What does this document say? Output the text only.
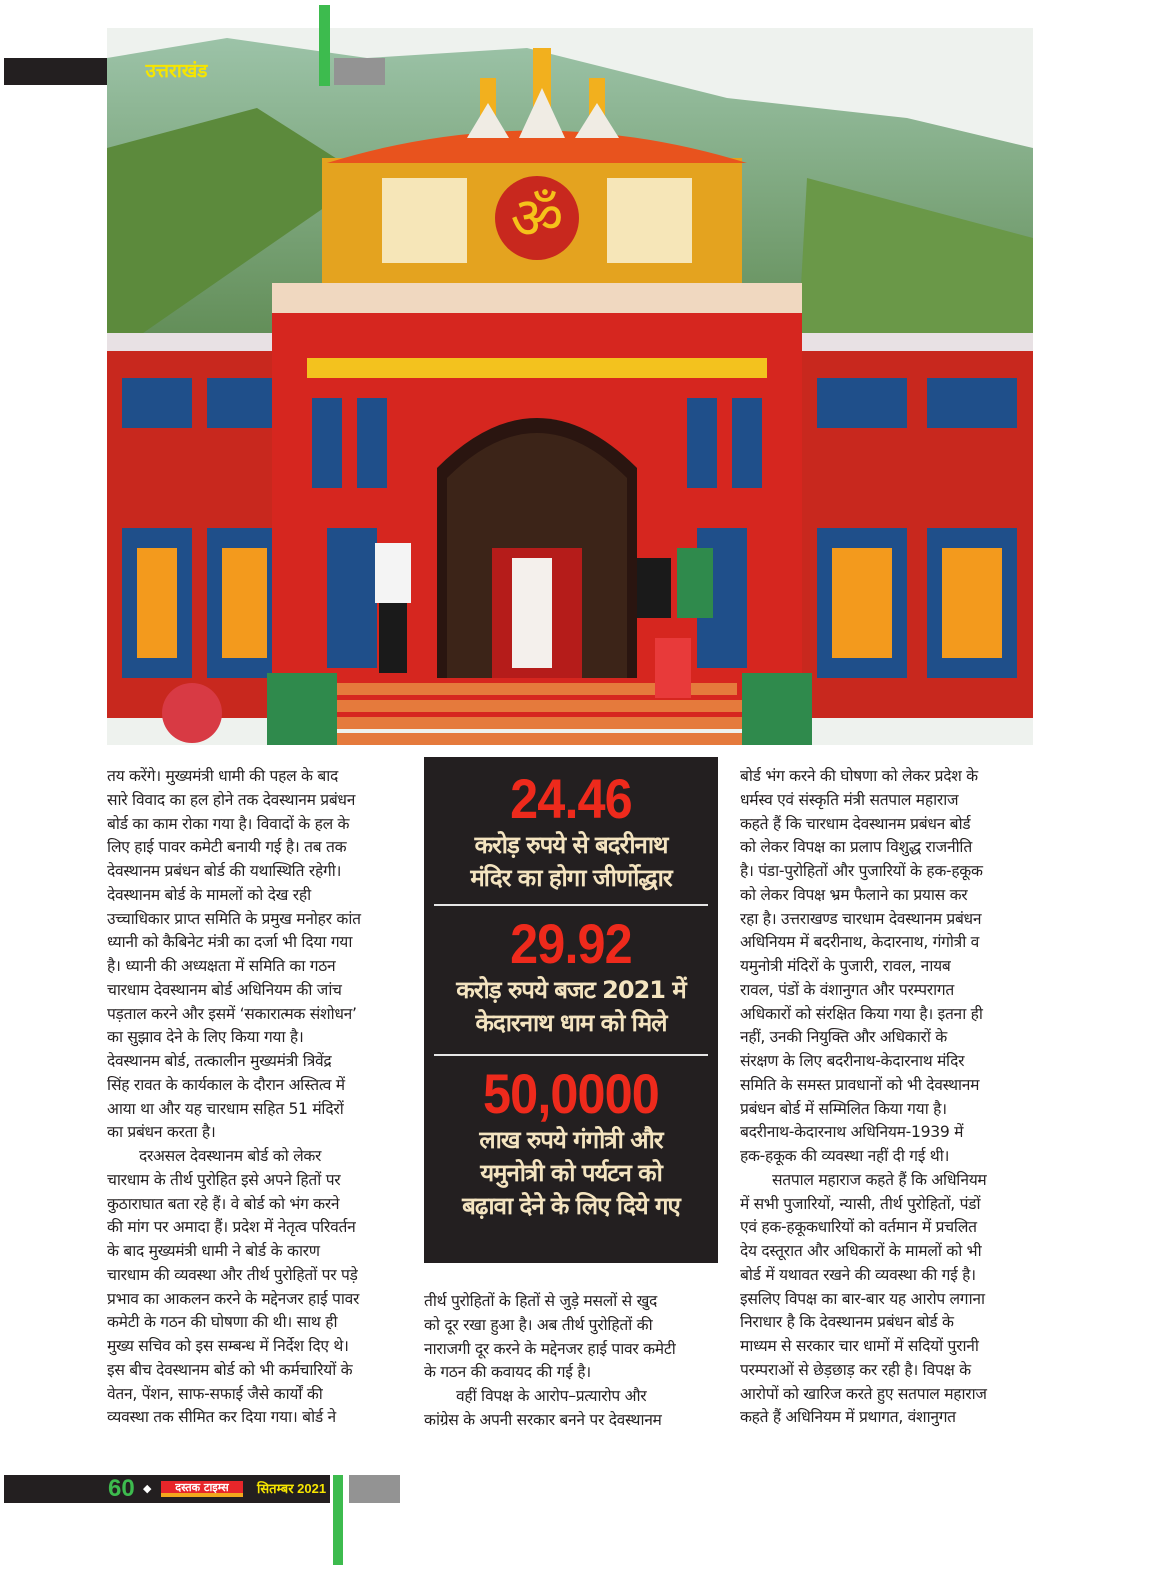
ॐ
उत्तराखंड
तय करेंगे। मुख्यमंत्री धामी की पहल के बाद
सारे विवाद का हल होने तक देवस्थानम प्रबंधन
बोर्ड का काम रोका गया है। विवादों के हल के
लिए हाई पावर कमेटी बनायी गई है। तब तक
देवस्थानम प्रबंधन बोर्ड की यथास्थिति रहेगी।
देवस्थानम बोर्ड के मामलों को देख रही
उच्चाधिकार प्राप्त समिति के प्रमुख मनोहर कांत
ध्यानी को कैबिनेट मंत्री का दर्जा भी दिया गया
है। ध्यानी की अध्यक्षता में समिति का गठन
चारधाम देवस्थानम बोर्ड अधिनियम की जांच
पड़ताल करने और इसमें ‘सकारात्मक संशोधन’
का सुझाव देने के लिए किया गया है।
देवस्थानम बोर्ड, तत्कालीन मुख्यमंत्री त्रिवेंद्र
सिंह रावत के कार्यकाल के दौरान अस्तित्व में
आया था और यह चारधाम सहित 51 मंदिरों
का प्रबंधन करता है।
दरअसल देवस्थानम बोर्ड को लेकर
चारधाम के तीर्थ पुरोहित इसे अपने हितों पर
कुठाराघात बता रहे हैं। वे बोर्ड को भंग करने
की मांग पर अमादा हैं। प्रदेश में नेतृत्व परिवर्तन
के बाद मुख्यमंत्री धामी ने बोर्ड के कारण
चारधाम की व्यवस्था और तीर्थ पुरोहितों पर पड़े
प्रभाव का आकलन करने के मद्देनजर हाई पावर
कमेटी के गठन की घोषणा की थी। साथ ही
मुख्य सचिव को इस सम्बन्ध में निर्देश दिए थे।
इस बीच देवस्थानम बोर्ड को भी कर्मचारियों के
वेतन, पेंशन, साफ-सफाई जैसे कार्यों की
व्यवस्था तक सीमित कर दिया गया। बोर्ड ने
24.46
करोड़ रुपये से बदरीनाथ
मंदिर का होगा जीर्णोद्धार
29.92
करोड़ रुपये बजट 2021 में
केदारनाथ धाम को मिले
50,0000
लाख रुपये गंगोत्री और
यमुनोत्री को पर्यटन को
बढ़ावा देने के लिए दिये गए
तीर्थ पुरोहितों के हितों से जुड़े मसलों से खुद
को दूर रखा हुआ है। अब तीर्थ पुरोहितों की
नाराजगी दूर करने के मद्देनजर हाई पावर कमेटी
के गठन की कवायद की गई है।
वहीं विपक्ष के आरोप–प्रत्यारोप और
कांग्रेस के अपनी सरकार बनने पर देवस्थानम
बोर्ड भंग करने की घोषणा को लेकर प्रदेश के
धर्मस्व एवं संस्कृति मंत्री सतपाल महाराज
कहते हैं कि चारधाम देवस्थानम प्रबंधन बोर्ड
को लेकर विपक्ष का प्रलाप विशुद्ध राजनीति
है। पंडा-पुरोहितों और पुजारियों के हक-हकूक
को लेकर विपक्ष भ्रम फैलाने का प्रयास कर
रहा है। उत्तराखण्ड चारधाम देवस्थानम प्रबंधन
अधिनियम में बदरीनाथ, केदारनाथ, गंगोत्री व
यमुनोत्री मंदिरों के पुजारी, रावल, नायब
रावल, पंडों के वंशानुगत और परम्परागत
अधिकारों को संरक्षित किया गया है। इतना ही
नहीं, उनकी नियुक्ति और अधिकारों के
संरक्षण के लिए बदरीनाथ-केदारनाथ मंदिर
समिति के समस्त प्रावधानों को भी देवस्थानम
प्रबंधन बोर्ड में सम्मिलित किया गया है।
बदरीनाथ-केदारनाथ अधिनियम-1939 में
हक-हकूक की व्यवस्था नहीं दी गई थी।
सतपाल महाराज कहते हैं कि अधिनियम
में सभी पुजारियों, न्यासी, तीर्थ पुरोहितों, पंडों
एवं हक-हकूकधारियों को वर्तमान में प्रचलित
देय दस्तूरात और अधिकारों के मामलों को भी
बोर्ड में यथावत रखने की व्यवस्था की गई है।
इसलिए विपक्ष का बार-बार यह आरोप लगाना
निराधार है कि देवस्थानम प्रबंधन बोर्ड के
माध्यम से सरकार चार धामों में सदियों पुरानी
परम्पराओं से छेड़छाड़ कर रही है। विपक्ष के
आरोपों को खारिज करते हुए सतपाल महाराज
कहते हैं अधिनियम में प्रथागत, वंशानुगत
60 ◆	दस्तक टाइम्स	सितम्बर 2021
